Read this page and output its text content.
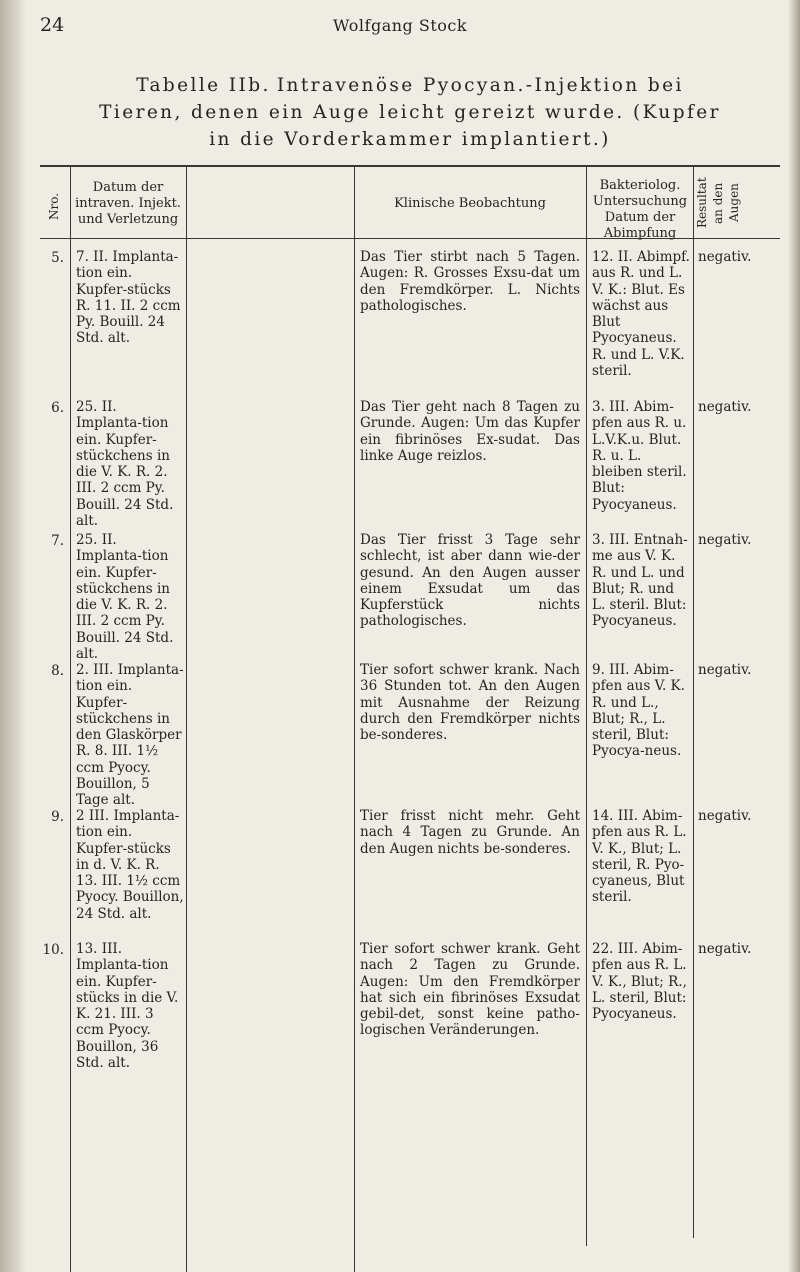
24	Wolfgang Stock
Tabelle IIb. Intravenöse Pyocyan.-Injektion bei
Tieren, denen ein Auge leicht gereizt wurde. (Kupfer
in die Vorderkammer implantiert.)
Nro.
Datum der intraven. Injekt. und Verletzung
Klinische Beobachtung
Bakteriolog. Untersuchung Datum der Abimpfung
Resultat an den Augen
5. 7. II. Implanta-tion ein. Kupfer-stücks R. 11. II. 2 ccm Py. Bouill. 24 Std. alt.
Das Tier stirbt nach 5 Tagen. Augen: R. Grosses Exsu-dat um den Fremdkörper. L. Nichts pathologisches.
12. II. Abimpf. aus R. und L. V. K.: Blut. Es wächst aus Blut Pyocyaneus. R. und L. V.K. steril.
negativ.
6. 25. II. Implanta-tion ein. Kupfer-stückchens in die V. K. R. 2. III. 2 ccm Py. Bouill. 24 Std. alt.
Das Tier geht nach 8 Tagen zu Grunde. Augen: Um das Kupfer ein fibrinöses Ex-sudat. Das linke Auge reizlos.
3. III. Abim-pfen aus R. u. L.V.K.u. Blut. R. u. L. bleiben steril. Blut: Pyocyaneus.
negativ.
7. 25. II. Implanta-tion ein. Kupfer-stückchens in die V. K. R. 2. III. 2 ccm Py. Bouill. 24 Std. alt.
Das Tier frisst 3 Tage sehr schlecht, ist aber dann wie-der gesund. An den Augen ausser einem Exsudat um das Kupferstück nichts pathologisches.
3. III. Entnah-me aus V. K. R. und L. und Blut; R. und L. steril. Blut: Pyocyaneus.
negativ.
8. 2. III. Implanta-tion ein. Kupfer-stückchens in den Glaskörper R. 8. III. 1½ ccm Pyocy. Bouillon, 5 Tage alt.
Tier sofort schwer krank. Nach 36 Stunden tot. An den Augen mit Ausnahme der Reizung durch den Fremdkörper nichts be-sonderes.
9. III. Abim-pfen aus V. K. R. und L., Blut; R., L. steril, Blut: Pyocya-neus.
negativ.
9. 2 III. Implanta-tion ein. Kupfer-stücks in d. V. K. R. 13. III. 1½ ccm Pyocy. Bouillon, 24 Std. alt.
Tier frisst nicht mehr. Geht nach 4 Tagen zu Grunde. An den Augen nichts be-sonderes.
14. III. Abim-pfen aus R. L. V. K., Blut; L. steril, R. Pyo-cyaneus, Blut steril.
negativ.
10. 13. III. Implanta-tion ein. Kupfer-stücks in die V. K. 21. III. 3 ccm Pyocy. Bouillon, 36 Std. alt.
Tier sofort schwer krank. Geht nach 2 Tagen zu Grunde. Augen: Um den Fremdkörper hat sich ein fibrinöses Exsudat gebil-det, sonst keine patho-logischen Veränderungen.
22. III. Abim-pfen aus R. L. V. K., Blut; R., L. steril, Blut: Pyocyaneus.
negativ.
